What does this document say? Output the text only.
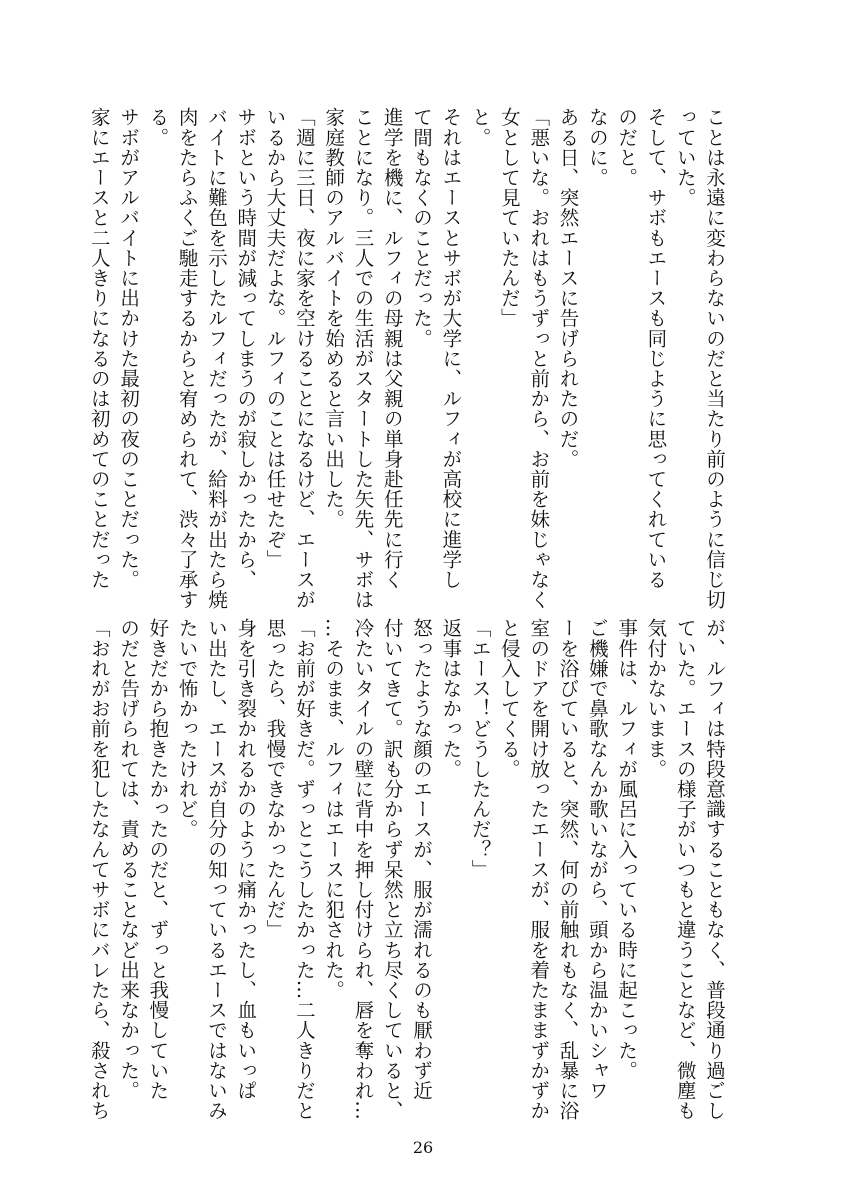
ことは永遠に変わらないのだと当たり前のように信じ切
っていた。
そして、サボもエースも同じように思ってくれている
のだと。
なのに。
ある日、突然エースに告げられたのだ。
「悪いな。おれはもうずっと前から、お前を妹じゃなく
女として見ていたんだ」
と。
それはエースとサボが大学に、ルフィが高校に進学し
て間もなくのことだった。
進学を機に、ルフィの母親は父親の単身赴任先に行く
ことになり。三人での生活がスタートした矢先、サボは
家庭教師のアルバイトを始めると言い出した。
「週に三日、夜に家を空けることになるけど、エースが
いるから大丈夫だよな。ルフィのことは任せたぞ」
サボという時間が減ってしまうのが寂しかったから、
バイトに難色を示したルフィだったが、給料が出たら焼
肉をたらふくご馳走するからと宥められて、渋々了承す
る。
サボがアルバイトに出かけた最初の夜のことだった。
家にエースと二人きりになるのは初めてのことだった
が、ルフィは特段意識することもなく、普段通り過ごし
ていた。エースの様子がいつもと違うことなど、微塵も
気付かないまま。
事件は、ルフィが風呂に入っている時に起こった。
ご機嫌で鼻歌なんか歌いながら、頭から温かいシャワ
ーを浴びていると、突然、何の前触れもなく、乱暴に浴
室のドアを開け放ったエースが、服を着たままずかずか
と侵入してくる。
「エース！どうしたんだ？」
返事はなかった。
怒ったような顔のエースが、服が濡れるのも厭わず近
付いてきて。訳も分からず呆然と立ち尽くしていると、
冷たいタイルの壁に背中を押し付けられ、唇を奪われ…
…そのまま、ルフィはエースに犯された。
「お前が好きだ。ずっとこうしたかった…二人きりだと
思ったら、我慢できなかったんだ」
身を引き裂かれるかのように痛かったし、血もいっぱ
い出たし、エースが自分の知っているエースではないみ
たいで怖かったけれど。
好きだから抱きたかったのだと、ずっと我慢していた
のだと告げられては、責めることなど出来なかった。
「おれがお前を犯したなんてサボにバレたら、殺されち
26
